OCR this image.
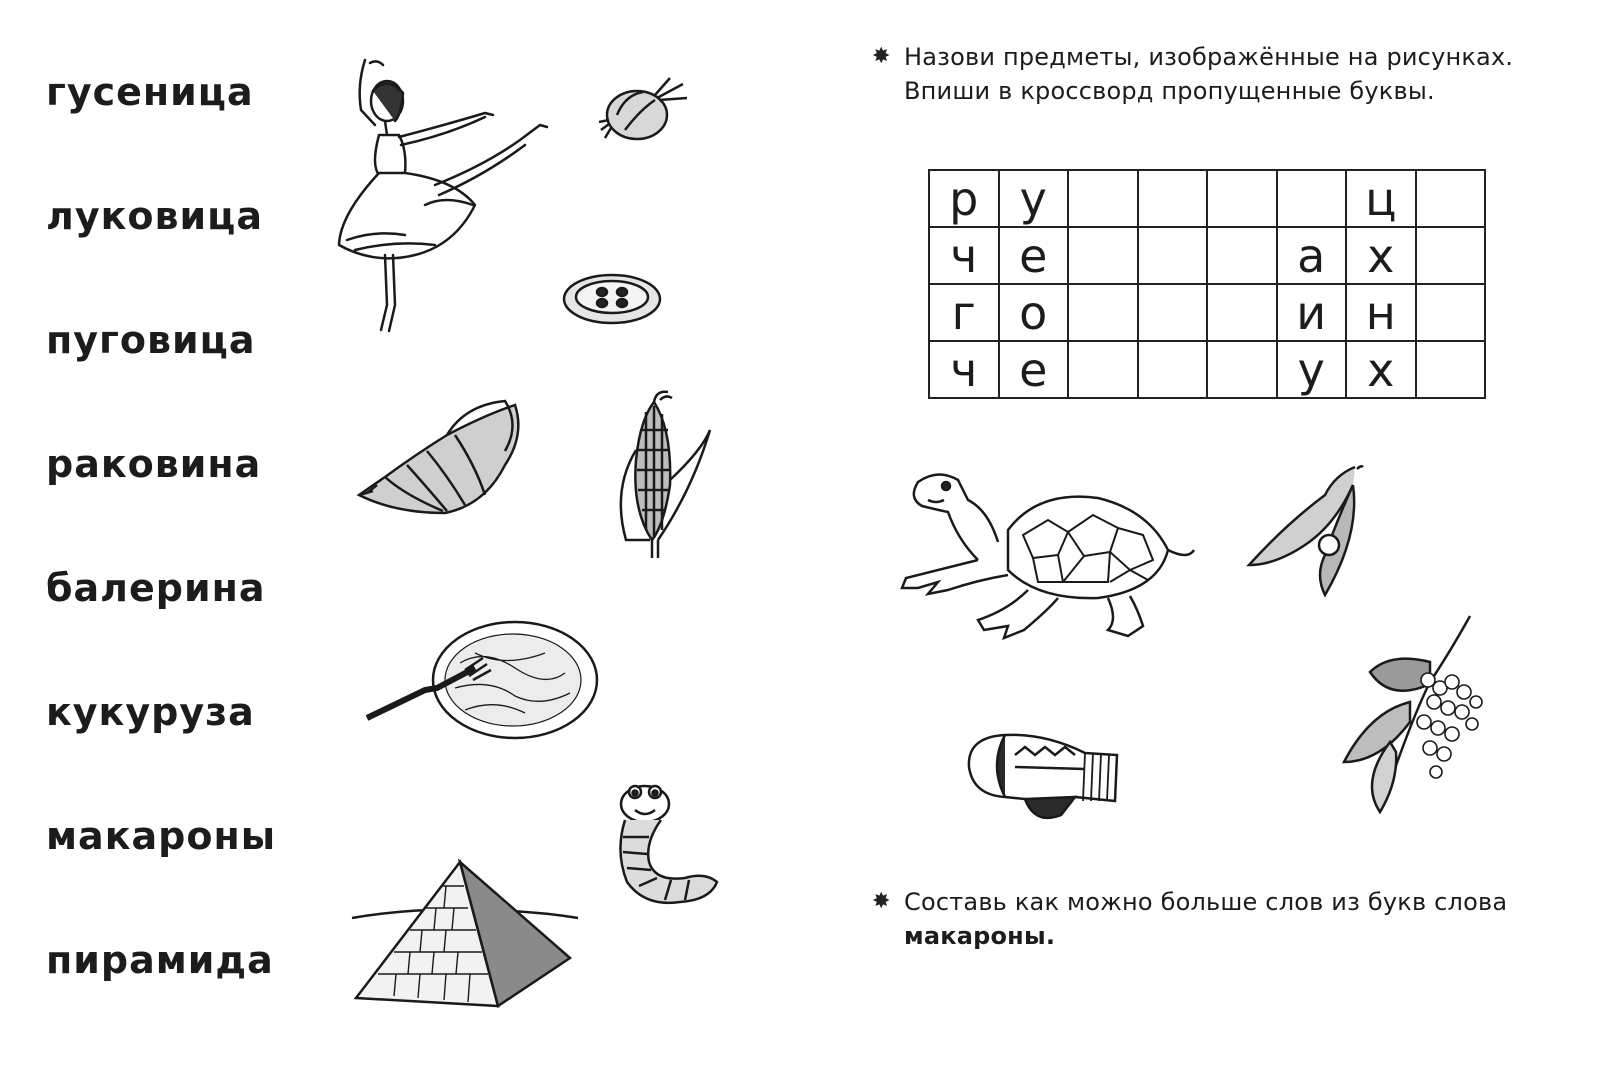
гусеница
луковица
пуговица
раковина
балерина
кукуруза
макароны
пирамида
✸ Назови предметы, изображённые на рисунках.
Впиши в кроссворд пропущенные буквы.
р	у					ц	
ч	е				а	х	
г	о				и	н	
ч	е				у	х	
✸ Составь как можно больше слов из букв слова
макароны.
